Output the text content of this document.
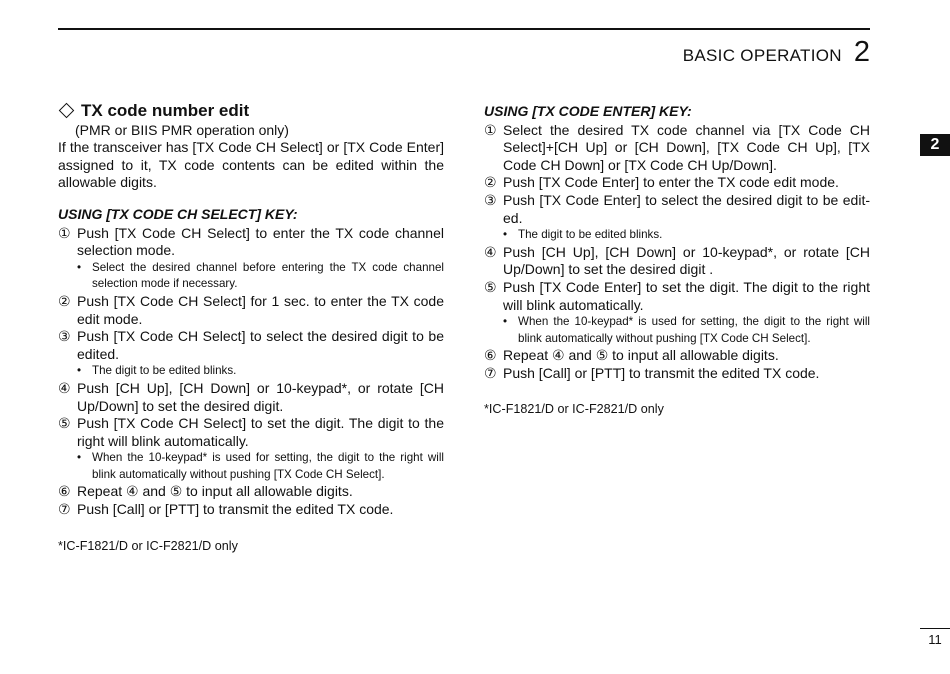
BASIC OPERATION 2
2
TX code number edit
(PMR or BIIS PMR operation only)
If the transceiver has [TX Code CH Select] or [TX Code Enter] assigned to it, TX code contents can be edited within the allowable digits.
USING [TX CODE CH SELECT] KEY:
① Push [TX Code CH Select] to enter the TX code channel selection mode.
• Select the desired channel before entering the TX code channel selection mode if necessary.
② Push [TX Code CH Select] for 1 sec. to enter the TX code edit mode.
③ Push [TX Code CH Select] to select the desired digit to be edited.
• The digit to be edited blinks.
④ Push [CH Up], [CH Down] or 10-keypad*, or rotate [CH Up/Down] to set the desired digit.
⑤ Push [TX Code CH Select] to set the digit. The digit to the right will blink automatically.
• When the 10-keypad* is used for setting, the digit to the right will blink automatically without pushing [TX Code CH Select].
⑥ Repeat ④ and ⑤ to input all allowable digits.
⑦ Push [Call] or [PTT] to transmit the edited TX code.
*IC-F1821/D or IC-F2821/D only
USING [TX CODE ENTER] KEY:
① Select the desired TX code channel via [TX Code CH Select]+[CH Up] or [CH Down], [TX Code CH Up], [TX Code CH Down] or [TX Code CH Up/Down].
② Push [TX Code Enter] to enter the TX code edit mode.
③ Push [TX Code Enter] to select the desired digit to be edit-ed.
• The digit to be edited blinks.
④ Push [CH Up], [CH Down] or 10-keypad*, or rotate [CH Up/Down] to set the desired digit .
⑤ Push [TX Code Enter] to set the digit. The digit to the right will blink automatically.
• When the 10-keypad* is used for setting, the digit to the right will blink automatically without pushing [TX Code CH Select].
⑥ Repeat ④ and ⑤ to input all allowable digits.
⑦ Push [Call] or [PTT] to transmit the edited TX code.
*IC-F1821/D or IC-F2821/D only
11
